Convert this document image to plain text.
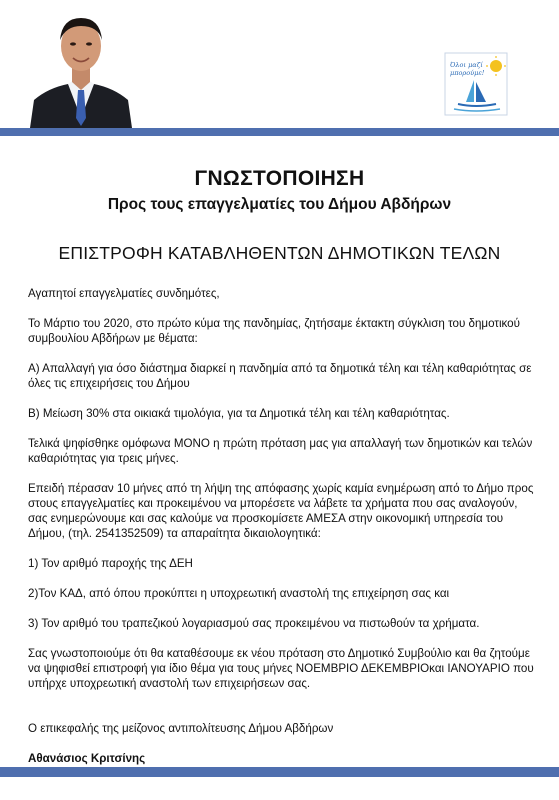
Όλοι μαζί
μπορούμε!
ΓΝΩΣΤΟΠΟΙΗΣΗ
Προς τους επαγγελματίες του Δήμου Αβδήρων
ΕΠΙΣΤΡΟΦΗ ΚΑΤΑΒΛΗΘΕΝΤΩΝ ΔΗΜΟΤΙΚΩΝ ΤΕΛΩΝ

Αγαπητοί επαγγελματίες συνδημότες,

Το Μάρτιο του 2020, στο πρώτο κύμα της πανδημίας, ζητήσαμε έκτακτη σύγκλιση του δημοτικού συμβουλίου Αβδήρων με θέματα:

Α) Απαλλαγή για όσο διάστημα διαρκεί η πανδημία από τα δημοτικά τέλη και τέλη καθαριότητας σε όλες τις επιχειρήσεις του Δήμου

Β) Μείωση 30% στα οικιακά τιμολόγια, για τα Δημοτικά τέλη και τέλη καθαριότητας.

Τελικά ψηφίσθηκε ομόφωνα ΜΟΝΟ η πρώτη πρόταση μας για απαλλαγή των δημοτικών και τελών καθαριότητας για τρεις μήνες.

Επειδή πέρασαν 10 μήνες από τη λήψη της απόφασης χωρίς καμία ενημέρωση από το Δήμο προς στους επαγγελματίες και προκειμένου να μπορέσετε να λάβετε τα χρήματα που σας αναλογούν, σας ενημερώνουμε και σας καλούμε να προσκομίσετε ΑΜΕΣΑ στην οικονομική υπηρεσία του Δήμου, (τηλ. 2541352509) τα απαραίτητα δικαιολογητικά:

1) Τον αριθμό παροχής της ΔΕΗ

2)Τον ΚΑΔ, από όπου προκύπτει η υποχρεωτική αναστολή της επιχείρηση σας και

3) Τον αριθμό του τραπεζικού λογαριασμού σας προκειμένου να πιστωθούν τα χρήματα.

Σας γνωστοποιούμε ότι θα καταθέσουμε εκ νέου πρόταση στο Δημοτικό Συμβούλιο και θα ζητούμε να ψηφισθεί επιστροφή για ίδιο θέμα για τους μήνες ΝΟΕΜΒΡΙΟ ΔΕΚΕΜΒΡΙΟκαι ΙΑΝΟΥΑΡΙΟ που υπήρχε υποχρεωτική αναστολή των επιχειρήσεων σας.

Ο επικεφαλής της μείζονος αντιπολίτευσης Δήμου Αβδήρων

Αθανάσιος Κριτσίνης
